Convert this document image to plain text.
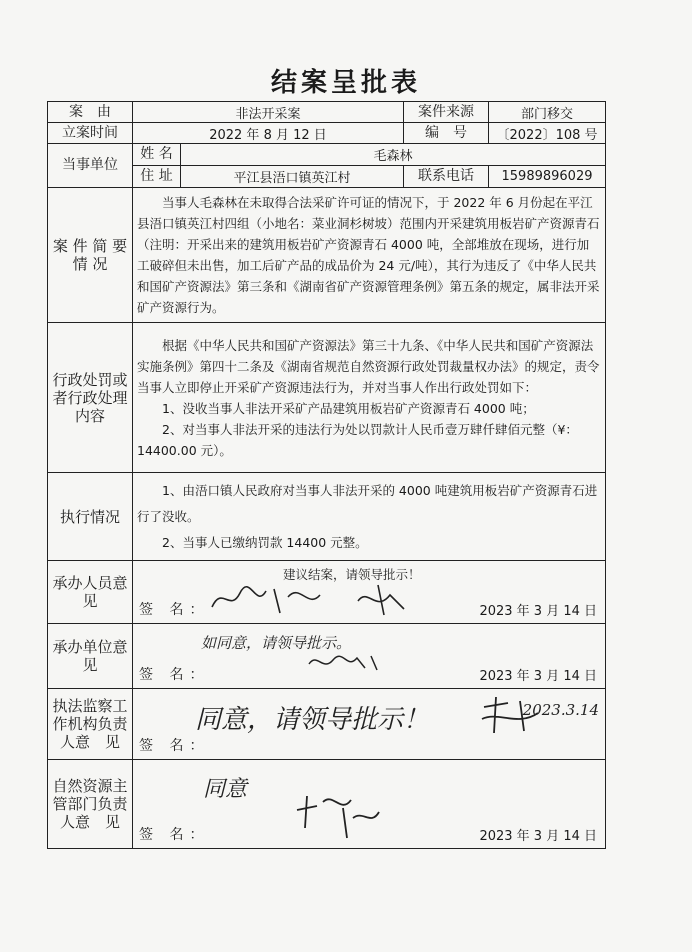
结案呈批表
案　由	非法开采案		案件来源	部门移交
立案时间	2022 年 8 月 12 日		编　号	〔2022〕108 号
当事单位	姓 名	毛森林		
	住 址	平江县浯口镇英江村	联系电话	15989896029
案 件 简 要 情 况	当事人毛森林在未取得合法采矿许可证的情况下，于 2022 年 6 月份起在平江县浯口镇英江村四组（小地名：菜业洞杉树坡）范围内开采建筑用板岩矿产资源青石（注明：开采出来的建筑用板岩矿产资源青石 4000 吨，全部堆放在现场，进行加工破碎但未出售，加工后矿产品的成品价为 24 元/吨），其行为违反了《中华人民共和国矿产资源法》第三条和《湖南省矿产资源管理条例》第五条的规定，属非法开采矿产资源行为。			

行政处罚或者行政处理内容	根据《中华人民共和国矿产资源法》第三十九条、《中华人民共和国矿产资源法实施条例》第四十二条及《湖南省规范自然资源行政处罚裁量权办法》的规定，责令当事人立即停止开采矿产资源违法行为，并对当事人作出行政处罚如下：

1、没收当事人非法开采矿产品建筑用板岩矿产资源青石 4000 吨；

2、对当事人非法开采的违法行为处以罚款计人民币壹万肆仟肆佰元整（¥：14400.00 元）。			

执行情况	1、由浯口镇人民政府对当事人非法开采的 4000 吨建筑用板岩矿产资源青石进行了没收。

2、当事人已缴纳罚款 14400 元整。			

承办人员意　见	建议结案，请领导批示！
签 名： 2023 年 3 月 14 日			

承办单位意　见	如同意，请领导批示。
签 名： 2023 年 3 月 14 日			

执法监察工作机构负责人意　见	同意，请领导批示！
签 名：
2023.3.14			

自然资源主管部门负责人意　见	同意
签 名： 2023 年 3 月 14 日			
